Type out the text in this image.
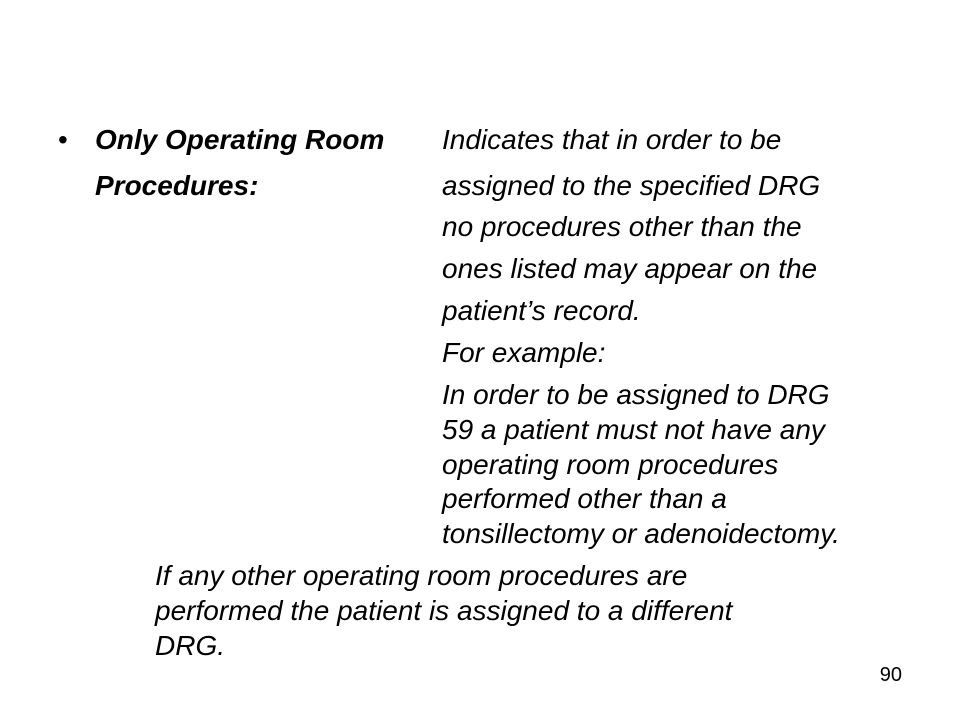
• Only Operating Room
Procedures:
Indicates that in order to be
assigned to the specified DRG
no procedures other than the
ones listed may appear on the
patient’s record.
For example:
In order to be assigned to DRG
59 a patient must not have any
operating room procedures
performed other than a
tonsillectomy or adenoidectomy.
If any other operating room procedures are
performed the patient is assigned to a different
DRG.
90
